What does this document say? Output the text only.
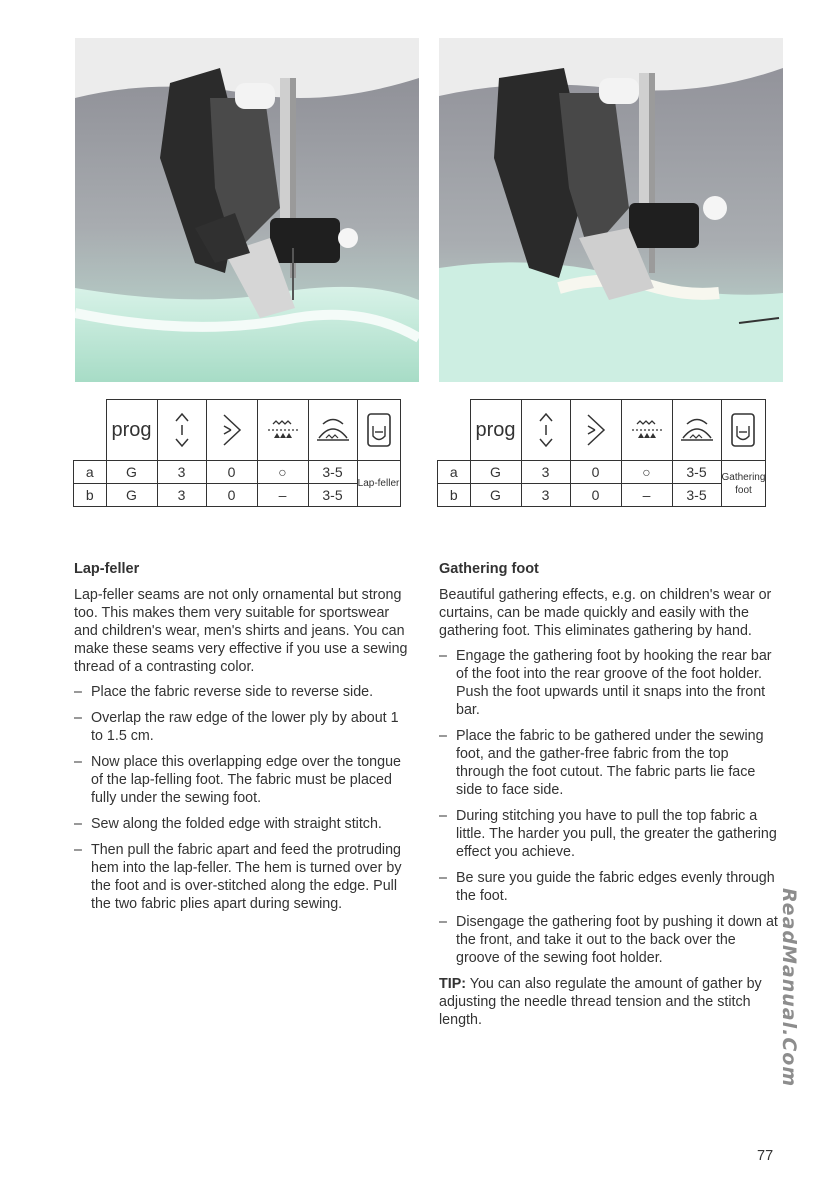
	prog	

a	G	3	0	○	3-5	Lap-feller
b	G	3	0	–	3-5	
	prog	

a	G	3	0	○	3-5	Gathering foot
b	G	3	0	–	3-5	
Lap-feller

Lap-feller seams are not only ornamental but strong too. This makes them very suitable for sportswear and children's wear, men's shirts and jeans. You can make these seams very effective if you use a sewing thread of a contrasting color.

– Place the fabric reverse side to reverse side.
– Overlap the raw edge of the lower ply by about 1 to 1.5 cm.
– Now place this overlapping edge over the tongue of the lap-felling foot. The fabric must be placed fully under the sewing foot.
– Sew along the folded edge with straight stitch.
– Then pull the fabric apart and feed the protruding hem into the lap-feller. The hem is turned over by the foot and is over-stitched along the edge. Pull the two fabric plies apart during sewing.
Gathering foot

Beautiful gathering effects, e.g. on children's wear or curtains, can be made quickly and easily with the gathering foot. This eliminates gathering by hand.

– Engage the gathering foot by hooking the rear bar of the foot into the rear groove of the foot holder. Push the foot upwards until it snaps into the front bar.
– Place the fabric to be gathered under the sewing foot, and the gather-free fabric from the top through the foot cutout. The fabric parts lie face side to face side.
– During stitching you have to pull the top fabric a little. The harder you pull, the greater the gathering effect you achieve.
– Be sure you guide the fabric edges evenly through the foot.
– Disengage the gathering foot by pushing it down at the front, and take it out to the back over the groove of the sewing foot holder.

TIP: You can also regulate the amount of gather by adjusting the needle thread tension and the stitch length.	ReadManual.Com
77
